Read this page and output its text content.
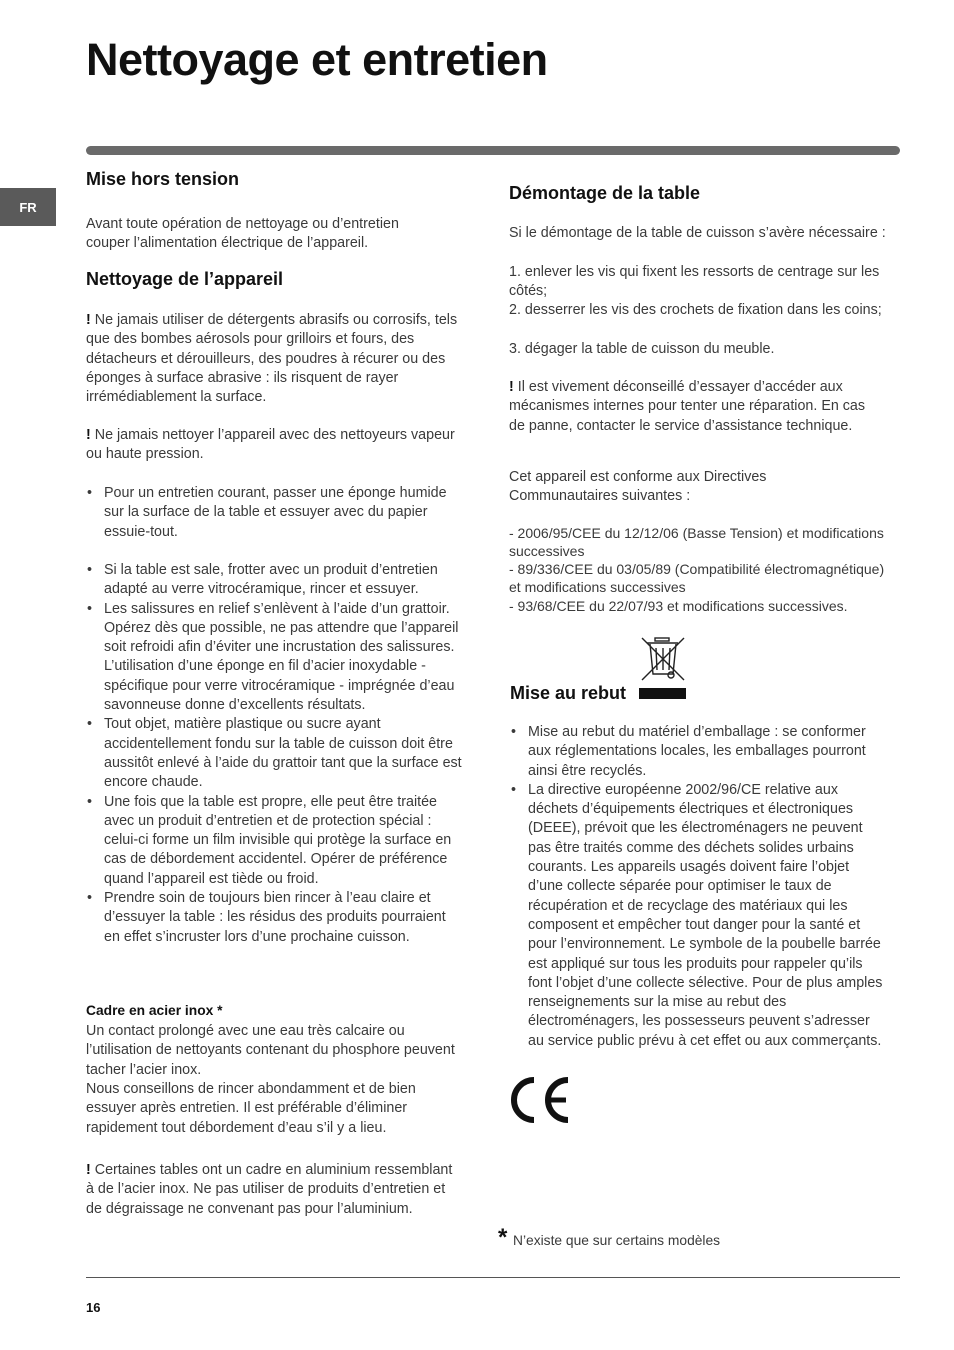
Nettoyage et entretien
FR
Mise hors tension

Avant toute opération de nettoyage ou d’entretien couper l’alimentation électrique de l’appareil.

Nettoyage de l’appareil

! Ne jamais utiliser de détergents abrasifs ou corrosifs, tels que des bombes aérosols pour grilloirs et fours, des détacheurs et dérouilleurs, des poudres à récurer ou des éponges à surface abrasive : ils risquent de rayer irrémédiablement la surface.

! Ne jamais nettoyer l’appareil avec des nettoyeurs vapeur ou haute pression.

• Pour un entretien courant, passer une éponge humide sur la surface de la table et essuyer avec du papier essuie-tout.
• Si la table est sale, frotter avec un produit d’entretien adapté au verre vitrocéramique, rincer et essuyer.
• Les salissures en relief s’enlèvent à l’aide d’un grattoir. Opérez dès que possible, ne pas attendre que l’appareil soit refroidi afin d’éviter une incrustation des salissures. L’utilisation d’une éponge en fil d’acier inoxydable - spécifique pour verre vitrocéramique - imprégnée d’eau savonneuse donne d’excellents résultats.
• Tout objet, matière plastique ou sucre ayant accidentellement fondu sur la table de cuisson doit être aussitôt enlevé à l’aide du grattoir tant que la surface est encore chaude.
• Une fois que la table est propre, elle peut être traitée avec un produit d’entretien et de protection spécial : celui-ci forme un film invisible qui protège la surface en cas de débordement accidentel. Opérer de préférence quand l’appareil est tiède ou froid.
• Prendre soin de toujours bien rincer à l’eau claire et d’essuyer la table : les résidus des produits pourraient en effet s’incruster lors d’une prochaine cuisson.

Cadre en acier inox *

Un contact prolongé avec une eau très calcaire ou l’utilisation de nettoyants contenant du phosphore peuvent tacher l’acier inox.

Nous conseillons de rincer abondamment et de bien essuyer après entretien. Il est préférable d’éliminer rapidement tout débordement d’eau s’il y a lieu.

! Certaines tables ont un cadre en aluminium ressemblant à de l’acier inox. Ne pas utiliser de produits d’entretien et de dégraissage ne convenant pas pour l’aluminium.

Démontage de la table

Si le démontage de la table de cuisson s’avère nécessaire :

1. enlever les vis qui fixent les ressorts de centrage sur les côtés;

2. desserrer les vis des crochets de fixation dans les coins;

3. dégager la table de cuisson du meuble.

! Il est vivement déconseillé d’essayer d’accéder aux mécanismes internes pour tenter une réparation. En cas de panne, contacter le service d’assistance technique.

Cet appareil est conforme aux Directives Communautaires suivantes :

- 2006/95/CEE du 12/12/06 (Basse Tension) et modifications successives

- 89/336/CEE du 03/05/89 (Compatibilité électromagnétique) et modifications successives

- 93/68/CEE du 22/07/93 et modifications successives.

Mise au rebut
• Mise au rebut du matériel d’emballage : se conformer aux réglementations locales, les emballages pourront ainsi être recyclés.
• La directive européenne 2002/96/CE relative aux déchets d’équipements électriques et électroniques (DEEE), prévoit que les électroménagers ne peuvent pas être traités comme des déchets solides urbains courants. Les appareils usagés doivent faire l’objet d’une collecte séparée pour optimiser le taux de récupération et de recyclage des matériaux qui les composent et empêcher tout danger pour la santé et pour l’environnement. Le symbole de la poubelle barrée est appliqué sur tous les produits pour rappeler qu’ils font l’objet d’une collecte sélective. Pour de plus amples renseignements sur la mise au rebut des électroménagers, les possesseurs peuvent s’adresser au service public prévu à cet effet ou aux commerçants.
* N’existe que sur certains modèles
16
